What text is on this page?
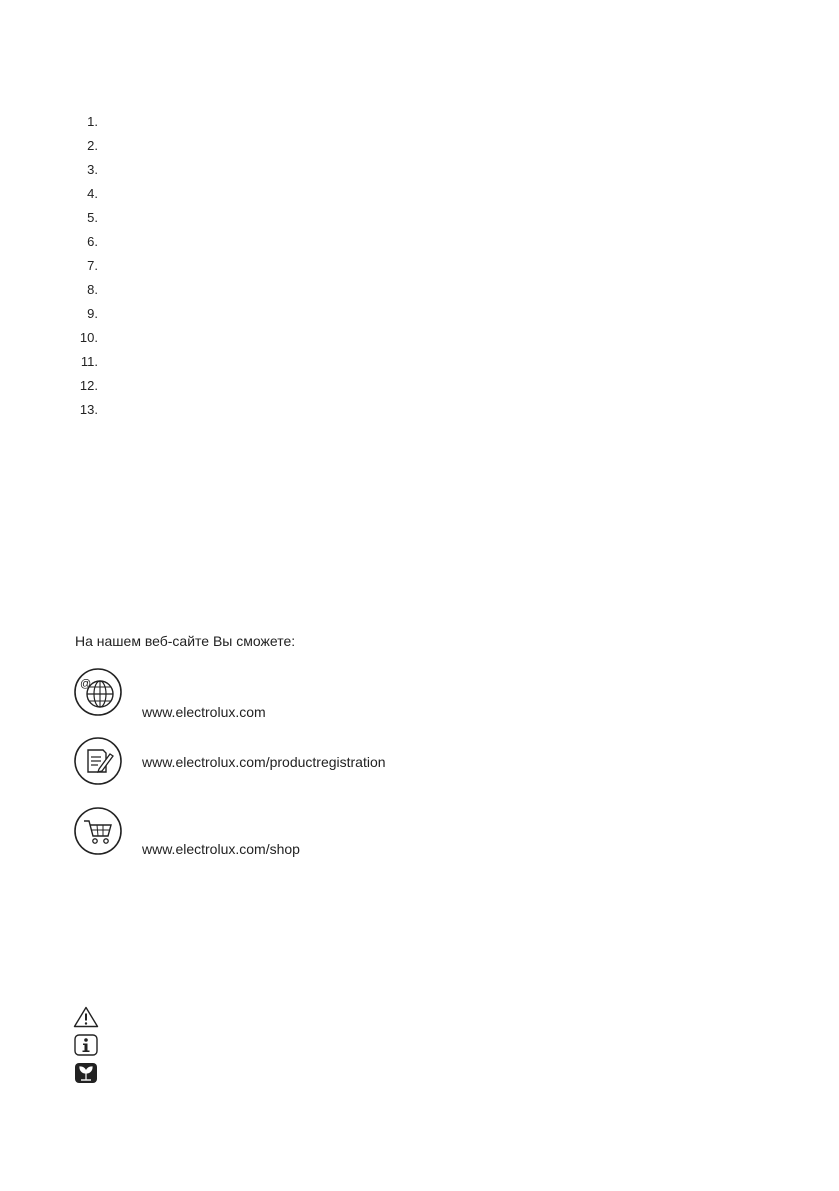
1.
2.
3.
4.
5.
6.
7.
8.
9.
10.
11.
12.
13.
На нашем веб-сайте Вы сможете:
@
www.electrolux.com
www.electrolux.com/productregistration
www.electrolux.com/shop
